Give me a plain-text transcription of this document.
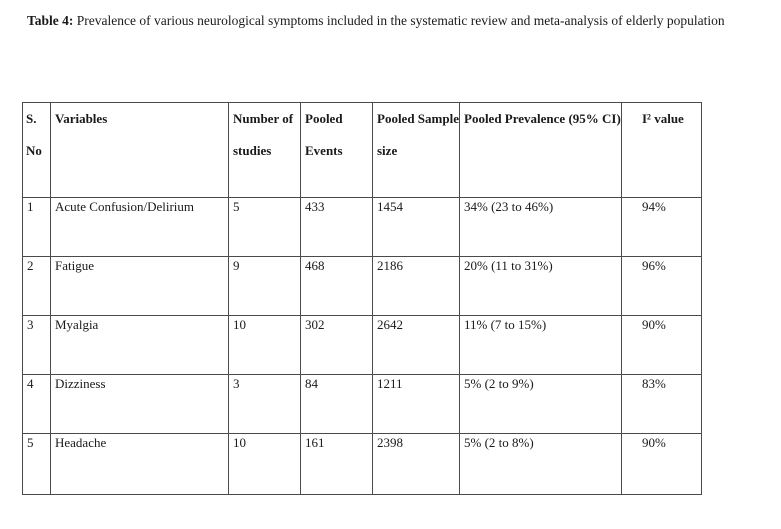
Table 4: Prevalence of various neurological symptoms included in the systematic review and meta-analysis of elderly population
S. No	Variables	Number of studies	Pooled Events	Pooled Sample size	Pooled Prevalence (95% CI)	I² value
1	Acute Confusion/Delirium	5	433	1454	34% (23 to 46%)	94%
2	Fatigue	9	468	2186	20% (11 to 31%)	96%
3	Myalgia	10	302	2642	11% (7 to 15%)	90%
4	Dizziness	3	84	1211	5% (2 to 9%)	83%
5	Headache	10	161	2398	5% (2 to 8%)	90%
